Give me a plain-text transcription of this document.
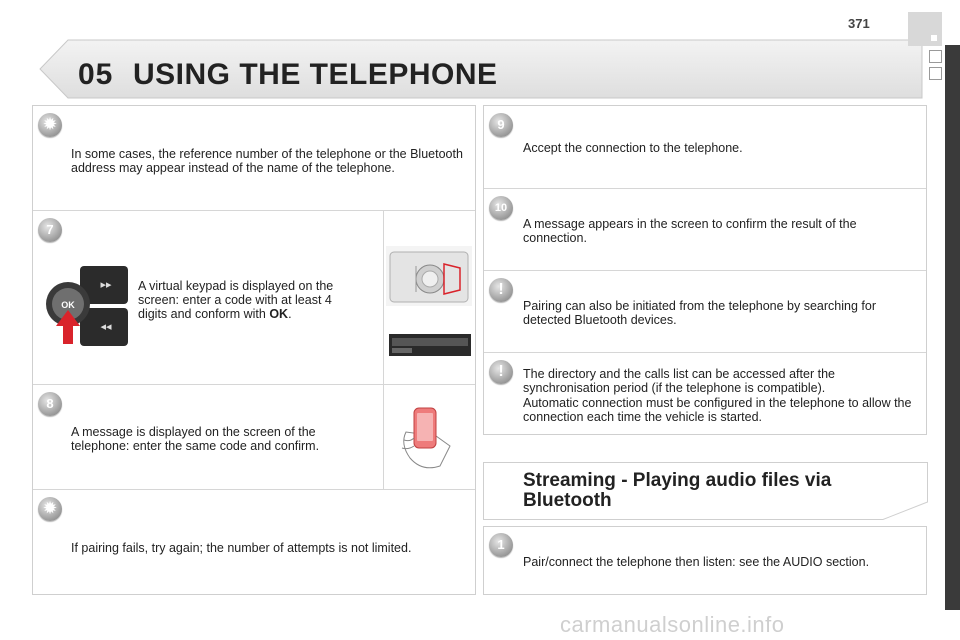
05 USING THE TELEPHONE
371
✹
In some cases, the reference number of the telephone or the Bluetooth address may appear instead of the name of the telephone.
7
OK
▸▸
◂◂
A virtual keypad is displayed on the screen: enter a code with at least 4 digits and conform with OK.
8
A message is displayed on the screen of the telephone: enter the same code and confirm.
✹
If pairing fails, try again; the number of attempts is not limited.
9
Accept the connection to the telephone.
10
A message appears in the screen to confirm the result of the connection.
!
Pairing can also be initiated from the telephone by searching for detected Bluetooth devices.
!	The directory and the calls list can be accessed after the synchronisation period (if the telephone is compatible).
Automatic connection must be configured in the telephone to allow the connection each time the vehicle is started.
Streaming - Playing audio files via Bluetooth
1
Pair/connect the telephone then listen: see the AUDIO section.
carmanualsonline.info
